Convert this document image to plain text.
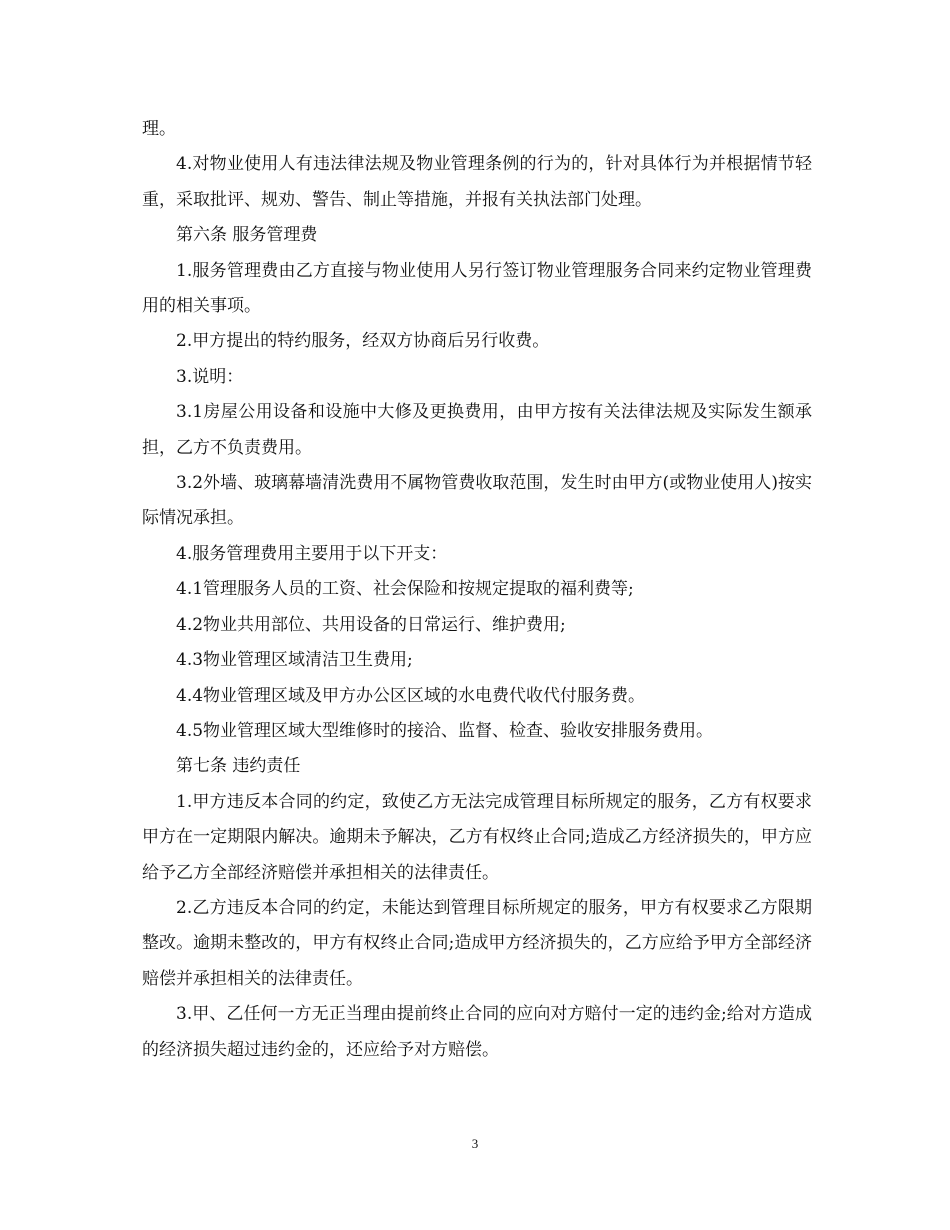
理。

4.对物业使用人有违法律法规及物业管理条例的行为的，针对具体行为并根据情节轻重，采取批评、规劝、警告、制止等措施，并报有关执法部门处理。

第六条 服务管理费

1.服务管理费由乙方直接与物业使用人另行签订物业管理服务合同来约定物业管理费用的相关事项。

2.甲方提出的特约服务，经双方协商后另行收费。

3.说明：

3.1房屋公用设备和设施中大修及更换费用，由甲方按有关法律法规及实际发生额承担，乙方不负责费用。

3.2外墙、玻璃幕墙清洗费用不属物管费收取范围，发生时由甲方(或物业使用人)按实际情况承担。

4.服务管理费用主要用于以下开支：

4.1管理服务人员的工资、社会保险和按规定提取的福利费等;

4.2物业共用部位、共用设备的日常运行、维护费用;

4.3物业管理区域清洁卫生费用;

4.4物业管理区域及甲方办公区区域的水电费代收代付服务费。

4.5物业管理区域大型维修时的接洽、监督、检查、验收安排服务费用。

第七条 违约责任

1.甲方违反本合同的约定，致使乙方无法完成管理目标所规定的服务，乙方有权要求甲方在一定期限内解决。逾期未予解决，乙方有权终止合同;造成乙方经济损失的，甲方应给予乙方全部经济赔偿并承担相关的法律责任。

2.乙方违反本合同的约定，未能达到管理目标所规定的服务，甲方有权要求乙方限期整改。逾期未整改的，甲方有权终止合同;造成甲方经济损失的，乙方应给予甲方全部经济赔偿并承担相关的法律责任。

3.甲、乙任何一方无正当理由提前终止合同的应向对方赔付一定的违约金;给对方造成的经济损失超过违约金的，还应给予对方赔偿。

3
